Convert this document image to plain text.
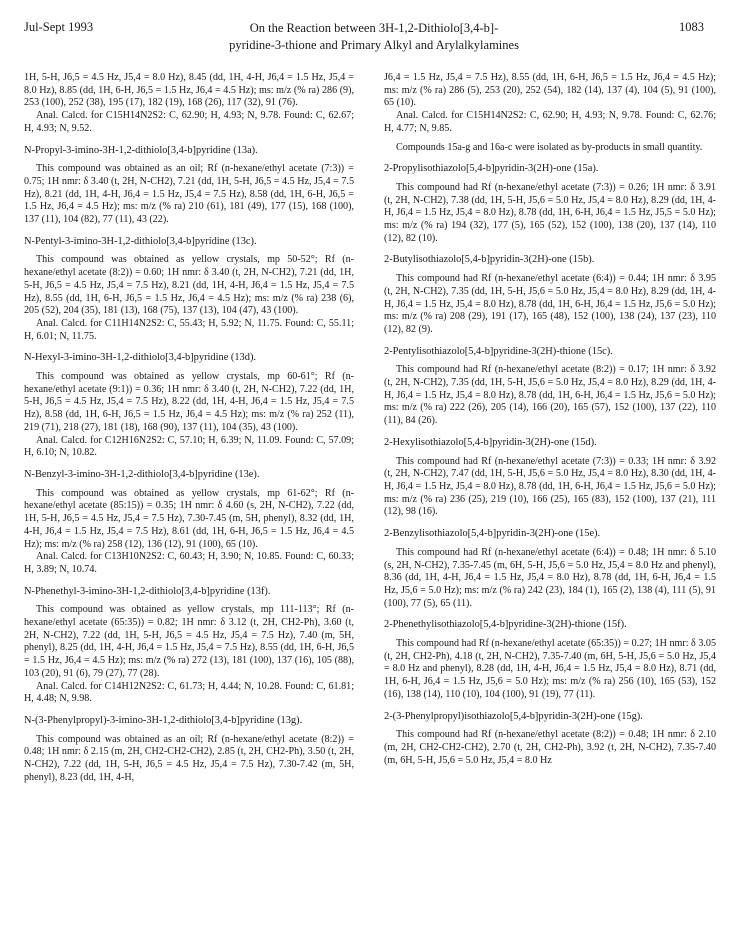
Jul-Sept 1993	On the Reaction between 3H-1,2-Dithiolo[3,4-b]-
pyridine-3-thione and Primary Alkyl and Arylalkylamines
1083

1H, 5-H, J6,5 = 4.5 Hz, J5,4 = 8.0 Hz), 8.45 (dd, 1H, 4-H, J6,4 = 1.5 Hz, J5,4 = 8.0 Hz), 8.85 (dd, 1H, 6-H, J6,5 = 1.5 Hz, J6,4 = 4.5 Hz); ms: m/z (% ra) 286 (9), 253 (100), 252 (38), 195 (17), 182 (19), 168 (26), 117 (32), 91 (76).

Anal. Calcd. for C15H14N2S2: C, 62.90; H, 4.93; N, 9.78. Found: C, 62.67; H, 4.93; N, 9.52.

N-Propyl-3-imino-3H-1,2-dithiolo[3,4-b]pyridine (13a).

This compound was obtained as an oil; Rf (n-hexane/ethyl acetate (7:3)) = 0.75; 1H nmr: δ 3.40 (t, 2H, N-CH2), 7.21 (dd, 1H, 5-H, J6,5 = 4.5 Hz, J5,4 = 7.5 Hz), 8.21 (dd, 1H, 4-H, J6,4 = 1.5 Hz, J5,4 = 7.5 Hz), 8.58 (dd, 1H, 6-H, J6,5 = 1.5 Hz, J6,4 = 4.5 Hz); ms: m/z (% ra) 210 (61), 181 (49), 177 (15), 168 (100), 137 (11), 104 (82), 77 (11), 43 (22).

N-Pentyl-3-imino-3H-1,2-dithiolo[3,4-b]pyridine (13c).

This compound was obtained as yellow crystals, mp 50-52°; Rf (n-hexane/ethyl acetate (8:2)) = 0.60; 1H nmr: δ 3.40 (t, 2H, N-CH2), 7.21 (dd, 1H, 5-H, J6,5 = 4.5 Hz, J5,4 = 7.5 Hz), 8.21 (dd, 1H, 4-H, J6,4 = 1.5 Hz, J5,4 = 7.5 Hz), 8.55 (dd, 1H, 6-H, J6,5 = 1.5 Hz, J6,4 = 4.5 Hz); ms: m/z (% ra) 238 (6), 205 (52), 204 (35), 181 (13), 168 (75), 137 (13), 104 (47), 43 (100).

Anal. Calcd. for C11H14N2S2: C, 55.43; H, 5.92; N, 11.75. Found: C, 55.11; H, 6.01; N, 11.75.

N-Hexyl-3-imino-3H-1,2-dithiolo[3,4-b]pyridine (13d).

This compound was obtained as yellow crystals, mp 60-61°; Rf (n-hexane/ethyl acetate (9:1)) = 0.36; 1H nmr: δ 3.40 (t, 2H, N-CH2), 7.22 (dd, 1H, 5-H, J6,5 = 4.5 Hz, J5,4 = 7.5 Hz), 8.22 (dd, 1H, 4-H, J6,4 = 1.5 Hz, J5,4 = 7.5 Hz), 8.58 (dd, 1H, 6-H, J6,5 = 1.5 Hz, J6,4 = 4.5 Hz); ms: m/z (% ra) 252 (11), 219 (71), 218 (27), 181 (18), 168 (90), 137 (11), 104 (35), 43 (100).

Anal. Calcd. for C12H16N2S2: C, 57.10; H, 6.39; N, 11.09. Found: C, 57.09; H, 6.10; N, 10.82.

N-Benzyl-3-imino-3H-1,2-dithiolo[3,4-b]pyridine (13e).

This compound was obtained as yellow crystals, mp 61-62°; Rf (n-hexane/ethyl acetate (85:15)) = 0.35; 1H nmr: δ 4.60 (s, 2H, N-CH2), 7.22 (dd, 1H, 5-H, J6,5 = 4.5 Hz, J5,4 = 7.5 Hz), 7.30-7.45 (m, 5H, phenyl), 8.32 (dd, 1H, 4-H, J6,4 = 1.5 Hz, J5,4 = 7.5 Hz), 8.61 (dd, 1H, 6-H, J6,5 = 1.5 Hz, J6,4 = 4.5 Hz); ms: m/z (% ra) 258 (12), 136 (12), 91 (100), 65 (10).

Anal. Calcd. for C13H10N2S2: C, 60.43; H, 3.90; N, 10.85. Found: C, 60.33; H, 3.89; N, 10.74.

N-Phenethyl-3-imino-3H-1,2-dithiolo[3,4-b]pyridine (13f).

This compound was obtained as yellow crystals, mp 111-113°; Rf (n-hexane/ethyl acetate (65:35)) = 0.82; 1H nmr: δ 3.12 (t, 2H, CH2-Ph), 3.60 (t, 2H, N-CH2), 7.22 (dd, 1H, 5-H, J6,5 = 4.5 Hz, J5,4 = 7.5 Hz), 7.40 (m, 5H, phenyl), 8.25 (dd, 1H, 4-H, J6,4 = 1.5 Hz, J5,4 = 7.5 Hz), 8.55 (dd, 1H, 6-H, J6,5 = 1.5 Hz, J6,4 = 4.5 Hz); ms: m/z (% ra) 272 (13), 181 (100), 137 (16), 105 (88), 103 (20), 91 (6), 79 (27), 77 (28).

Anal. Calcd. for C14H12N2S2: C, 61.73; H, 4.44; N, 10.28. Found: C, 61.81; H, 4.48; N, 9.98.

N-(3-Phenylpropyl)-3-imino-3H-1,2-dithiolo[3,4-b]pyridine (13g).

This compound was obtained as an oil; Rf (n-hexane/ethyl acetate (8:2)) = 0.48; 1H nmr: δ 2.15 (m, 2H, CH2-CH2-CH2), 2.85 (t, 2H, CH2-Ph), 3.50 (t, 2H, N-CH2), 7.22 (dd, 1H, 5-H, J6,5 = 4.5 Hz, J5,4 = 7.5 Hz), 7.30-7.42 (m, 5H, phenyl), 8.23 (dd, 1H, 4-H,

J6,4 = 1.5 Hz, J5,4 = 7.5 Hz), 8.55 (dd, 1H, 6-H, J6,5 = 1.5 Hz, J6,4 = 4.5 Hz); ms: m/z (% ra) 286 (5), 253 (20), 252 (54), 182 (14), 137 (4), 104 (5), 91 (100), 65 (10).

Anal. Calcd. for C15H14N2S2: C, 62.90; H, 4.93; N, 9.78. Found: C, 62.76; H, 4.77; N, 9.85.

Compounds 15a-g and 16a-c were isolated as by-products in small quantity.

2-Propylisothiazolo[5,4-b]pyridin-3(2H)-one (15a).

This compound had Rf (n-hexane/ethyl acetate (7:3)) = 0.26; 1H nmr: δ 3.91 (t, 2H, N-CH2), 7.38 (dd, 1H, 5-H, J5,6 = 5.0 Hz, J5,4 = 8.0 Hz), 8.29 (dd, 1H, 4-H, J6,4 = 1.5 Hz, J5,4 = 8.0 Hz), 8.78 (dd, 1H, 6-H, J6,4 = 1.5 Hz, J5,5 = 5.0 Hz); ms: m/z (% ra) 194 (32), 177 (5), 165 (52), 152 (100), 138 (20), 137 (14), 110 (12), 82 (10).

2-Butylisothiazolo[5,4-b]pyridin-3(2H)-one (15b).

This compound had Rf (n-hexane/ethyl acetate (6:4)) = 0.44; 1H nmr: δ 3.95 (t, 2H, N-CH2), 7.35 (dd, 1H, 5-H, J5,6 = 5.0 Hz, J5,4 = 8.0 Hz), 8.29 (dd, 1H, 4-H, J6,4 = 1.5 Hz, J5,4 = 8.0 Hz), 8.78 (dd, 1H, 6-H, J6,4 = 1.5 Hz, J5,6 = 5.0 Hz); ms: m/z (% ra) 208 (29), 191 (17), 165 (48), 152 (100), 138 (24), 137 (23), 110 (12), 82 (9).

2-Pentylisothiazolo[5,4-b]pyridine-3(2H)-thione (15c).

This compound had Rf (n-hexane/ethyl acetate (8:2)) = 0.17; 1H nmr: δ 3.92 (t, 2H, N-CH2), 7.35 (dd, 1H, 5-H, J5,6 = 5.0 Hz, J5,4 = 8.0 Hz), 8.29 (dd, 1H, 4-H, J6,4 = 1.5 Hz, J5,4 = 8.0 Hz), 8.78 (dd, 1H, 6-H, J6,4 = 1.5 Hz, J5,6 = 5.0 Hz); ms: m/z (% ra) 222 (26), 205 (14), 166 (20), 165 (57), 152 (100), 137 (22), 110 (11), 84 (26).

2-Hexylisothiazolo[5,4-b]pyridin-3(2H)-one (15d).

This compound had Rf (n-hexane/ethyl acetate (7:3)) = 0.33; 1H nmr: δ 3.92 (t, 2H, N-CH2), 7.47 (dd, 1H, 5-H, J5,6 = 5.0 Hz, J5,4 = 8.0 Hz), 8.30 (dd, 1H, 4-H, J6,4 = 1.5 Hz, J5,4 = 8.0 Hz), 8.78 (dd, 1H, 6-H, J6,4 = 1.5 Hz, J5,6 = 5.0 Hz); ms: m/z (% ra) 236 (25), 219 (10), 166 (25), 165 (83), 152 (100), 137 (21), 111 (12), 98 (16).

2-Benzylisothiazolo[5,4-b]pyridin-3(2H)-one (15e).

This compound had Rf (n-hexane/ethyl acetate (6:4)) = 0.48; 1H nmr: δ 5.10 (s, 2H, N-CH2), 7.35-7.45 (m, 6H, 5-H, J5,6 = 5.0 Hz, J5,4 = 8.0 Hz and phenyl), 8.36 (dd, 1H, 4-H, J6,4 = 1.5 Hz, J5,4 = 8.0 Hz), 8.78 (dd, 1H, 6-H, J6,4 = 1.5 Hz, J5,6 = 5.0 Hz); ms: m/z (% ra) 242 (23), 184 (1), 165 (2), 138 (4), 111 (5), 91 (100), 77 (5), 65 (11).

2-Phenethylisothiazolo[5,4-b]pyridine-3(2H)-thione (15f).

This compound had Rf (n-hexane/ethyl acetate (65:35)) = 0.27; 1H nmr: δ 3.05 (t, 2H, CH2-Ph), 4.18 (t, 2H, N-CH2), 7.35-7.40 (m, 6H, 5-H, J5,6 = 5.0 Hz, J5,4 = 8.0 Hz and phenyl), 8.28 (dd, 1H, 4-H, J6,4 = 1.5 Hz, J5,4 = 8.0 Hz), 8.71 (dd, 1H, 6-H, J6,4 = 1.5 Hz, J5,6 = 5.0 Hz); ms: m/z (% ra) 256 (10), 165 (53), 152 (16), 138 (14), 110 (10), 104 (100), 91 (19), 77 (11).

2-(3-Phenylpropyl)isothiazolo[5,4-b]pyridin-3(2H)-one (15g).

This compound had Rf (n-hexane/ethyl acetate (8:2)) = 0.48; 1H nmr: δ 2.10 (m, 2H, CH2-CH2-CH2), 2.70 (t, 2H, CH2-Ph), 3.92 (t, 2H, N-CH2), 7.35-7.40 (m, 6H, 5-H, J5,6 = 5.0 Hz, J5,4 = 8.0 Hz
